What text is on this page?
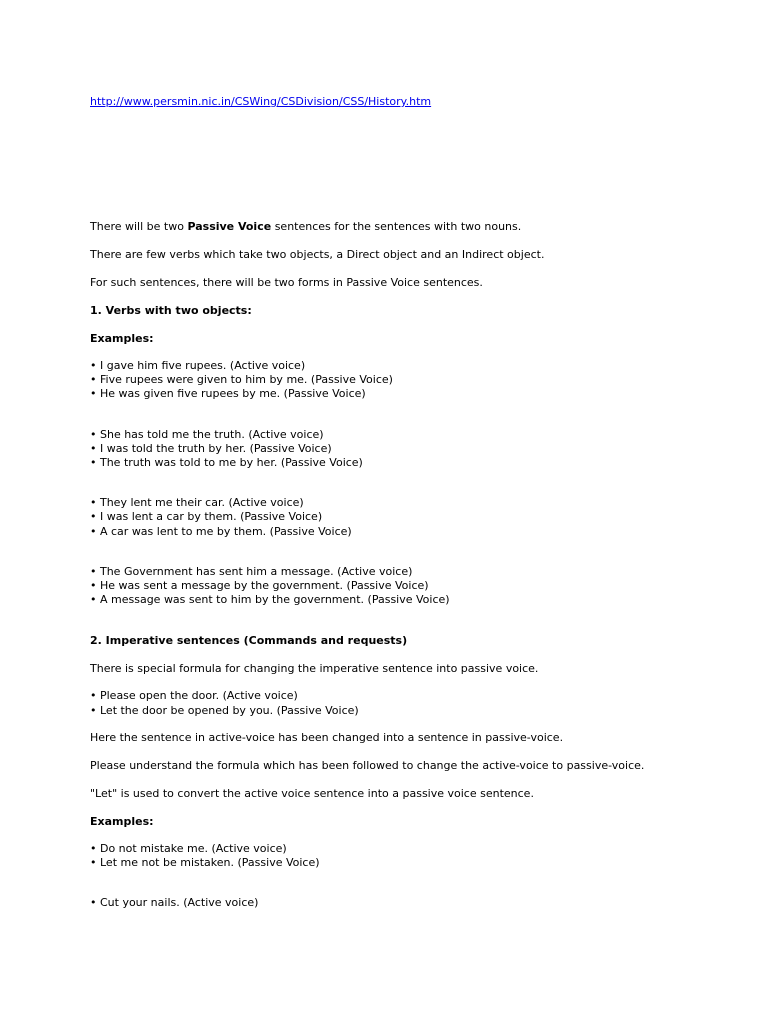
http://www.persmin.nic.in/CSWing/CSDivision/CSS/History.htm

There will be two Passive Voice sentences for the sentences with two nouns.

There are few verbs which take two objects, a Direct object and an Indirect object.

For such sentences, there will be two forms in Passive Voice sentences.

1. Verbs with two objects:

Examples:

• I gave him five rupees. (Active voice)
• Five rupees were given to him by me. (Passive Voice)
• He was given five rupees by me. (Passive Voice)
• She has told me the truth. (Active voice)
• I was told the truth by her. (Passive Voice)
• The truth was told to me by her. (Passive Voice)
• They lent me their car. (Active voice)
• I was lent a car by them. (Passive Voice)
• A car was lent to me by them. (Passive Voice)
• The Government has sent him a message. (Active voice)
• He was sent a message by the government. (Passive Voice)
• A message was sent to him by the government. (Passive Voice)

2. Imperative sentences (Commands and requests)

There is special formula for changing the imperative sentence into passive voice.

• Please open the door. (Active voice)
• Let the door be opened by you. (Passive Voice)

Here the sentence in active-voice has been changed into a sentence in passive-voice.

Please understand the formula which has been followed to change the active-voice to passive-voice.

"Let" is used to convert the active voice sentence into a passive voice sentence.

Examples:

• Do not mistake me. (Active voice)
• Let me not be mistaken. (Passive Voice)
• Cut your nails. (Active voice)
